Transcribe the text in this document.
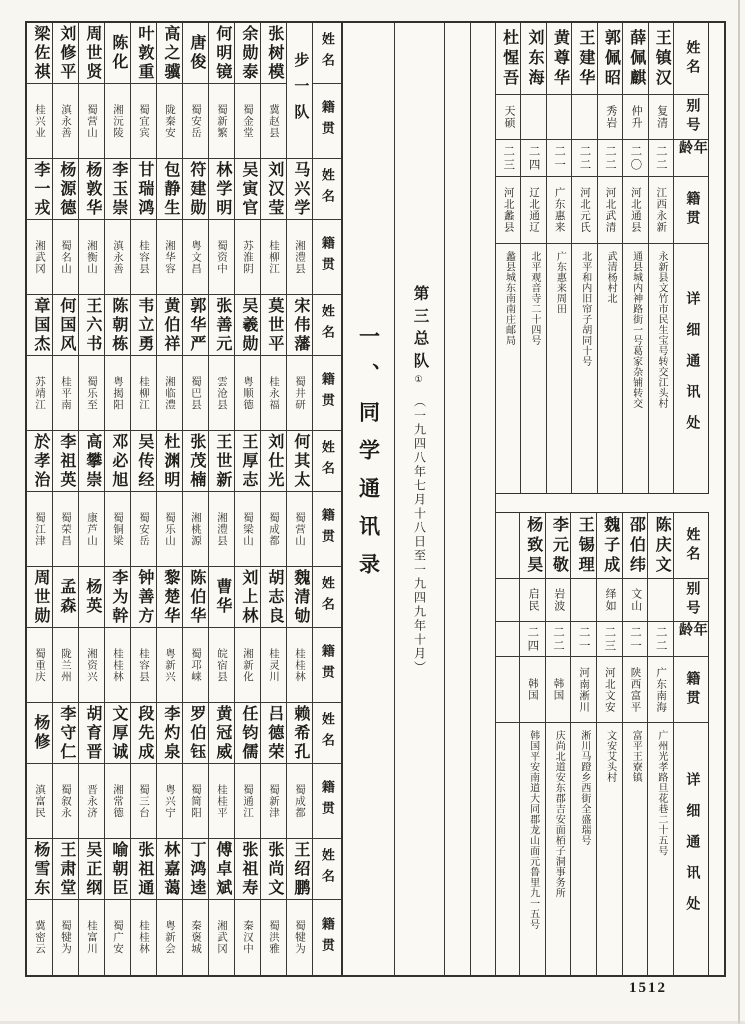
梁佐祺
桂兴业
刘修平
滇永善
周世贤
蜀营山
陈化
湘沅陵
叶敦重
蜀宜宾
高之骥
陇秦安
唐俊
蜀安岳
何明镜
蜀新繁
余勋泰
蜀金堂
张树模
冀赵县 步一队 姓名
籍贯
李一戎
湘武冈
杨源德
蜀名山
杨敦华
湘衡山
李玉崇
滇永善
甘瑞鸿
桂容县
包静生
湘华容
符建勋
粤文昌
林学明
蜀资中
吴寅官
苏淮阴
刘汉莹
桂柳江
马兴学
湘澧县
姓名
籍贯
章国杰
苏靖江
何国风
桂平南
王六书
蜀乐至
陈朝栋
粤揭阳
韦立勇
桂柳江
黄伯祥
湘临澧
郭华严
蜀巴县
张善元
雲沧县
吴羲勋
粤顺德
莫世平
桂永福
宋伟藩
蜀井研
姓名
籍贯
於孝治
蜀江津
李祖英
蜀荣昌
高攀崇
康芦山
邓必旭
蜀铜梁
吴传经
蜀安岳
杜渊明
蜀乐山
张茂楠
湘桃源
王世新
湘澧县
王厚志
蜀梁山
刘仕光
蜀成都
何其太
蜀营山
姓名
籍贯
周世勋
蜀重庆
孟森
陇兰州
杨英
湘资兴
李为幹
桂桂林
钟善方
桂容县
黎楚华
粤新兴
陈伯华
蜀邛崃
曹华
皖宿县
刘上林
湘新化
胡志良
桂灵川
魏清劬
桂桂林
姓名
籍贯
杨修
滇富民
李守仁
蜀叙永
胡育晋
晋永济
文厚诚
湘常德
段先成
蜀三台
李灼泉
粤兴宁
罗伯钰
蜀简阳
黄冠威
桂桂平
任钧儒
蜀通江
吕德荣
蜀新津
赖希孔
蜀成都
姓名
籍贯
杨雪东
冀密云
王肃堂
蜀犍为
吴正纲
桂富川
喻朝臣
蜀广安
张祖通
桂桂林
林嘉蔼
粤新会
丁鸿逵
秦褒城
傅卓斌
湘武冈
张祖寿
秦汉中
张尚文
蜀洪雅
王绍鹏
蜀犍为
姓名
籍贯
一、同学通讯录 第三总队①（一九四八年七月十八日至一九四九年十月）
杜惺吾
天硕
二三
河北蠡县
蠡县城东南南庄邮局
刘东海
二四
辽北通辽
北平观音寺二十四号
黄尊华
二一
广东惠来
广东惠来周田
王建华
二二
河北元氏
北平和内旧帘子胡同十号
郭佩昭
秀岩
二二
河北武清
武清杨村北
薛佩麒
仲升
二〇
河北通县
通县城内神路街一号葛家杂铺转交
王镇汉
复清
二二
江西永新
永新县文竹市民生宝号转交江头村
姓名
别号
年龄
籍贯
详细通讯处
杨致昊
启民
二四
韩国
韩国平安南道大同郡龙山面元鲁里九一五号
李元敬
岩波
二二
韩国
庆尚北道安东郡吉安面栢子洞事务所
王锡理
二一
河南淅川
淅川马蹬乡西街全盛瑞号
魏子成
绎如
二三
河北文安
文安艾头村
邵伯纬
文山
二一
陕西富平
富平王寮镇
陈庆文
二二
广东南海
广州光孝路旦花巷二十五号
姓名
别号
年龄
籍贯
详细通讯处
1512
